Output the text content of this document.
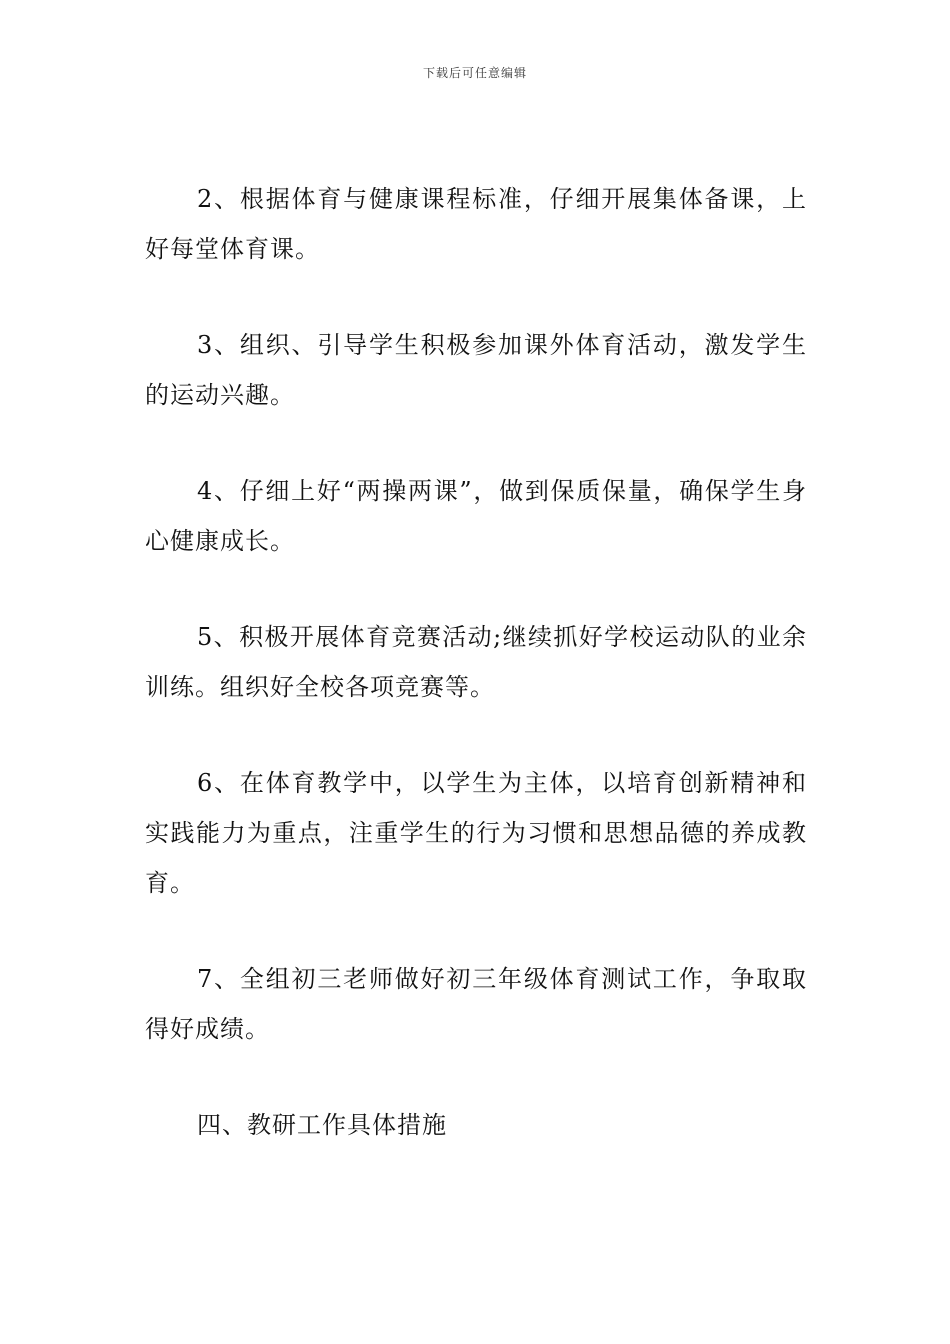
下载后可任意编辑

2、根据体育与健康课程标准，仔细开展集体备课，上好每堂体育课。

3、组织、引导学生积极参加课外体育活动，激发学生的运动兴趣。

4、仔细上好“两操两课”，做到保质保量，确保学生身心健康成长。

5、积极开展体育竞赛活动;继续抓好学校运动队的业余训练。组织好全校各项竞赛等。

6、在体育教学中，以学生为主体，以培育创新精神和实践能力为重点，注重学生的行为习惯和思想品德的养成教育。

7、全组初三老师做好初三年级体育测试工作，争取取得好成绩。

四、教研工作具体措施
